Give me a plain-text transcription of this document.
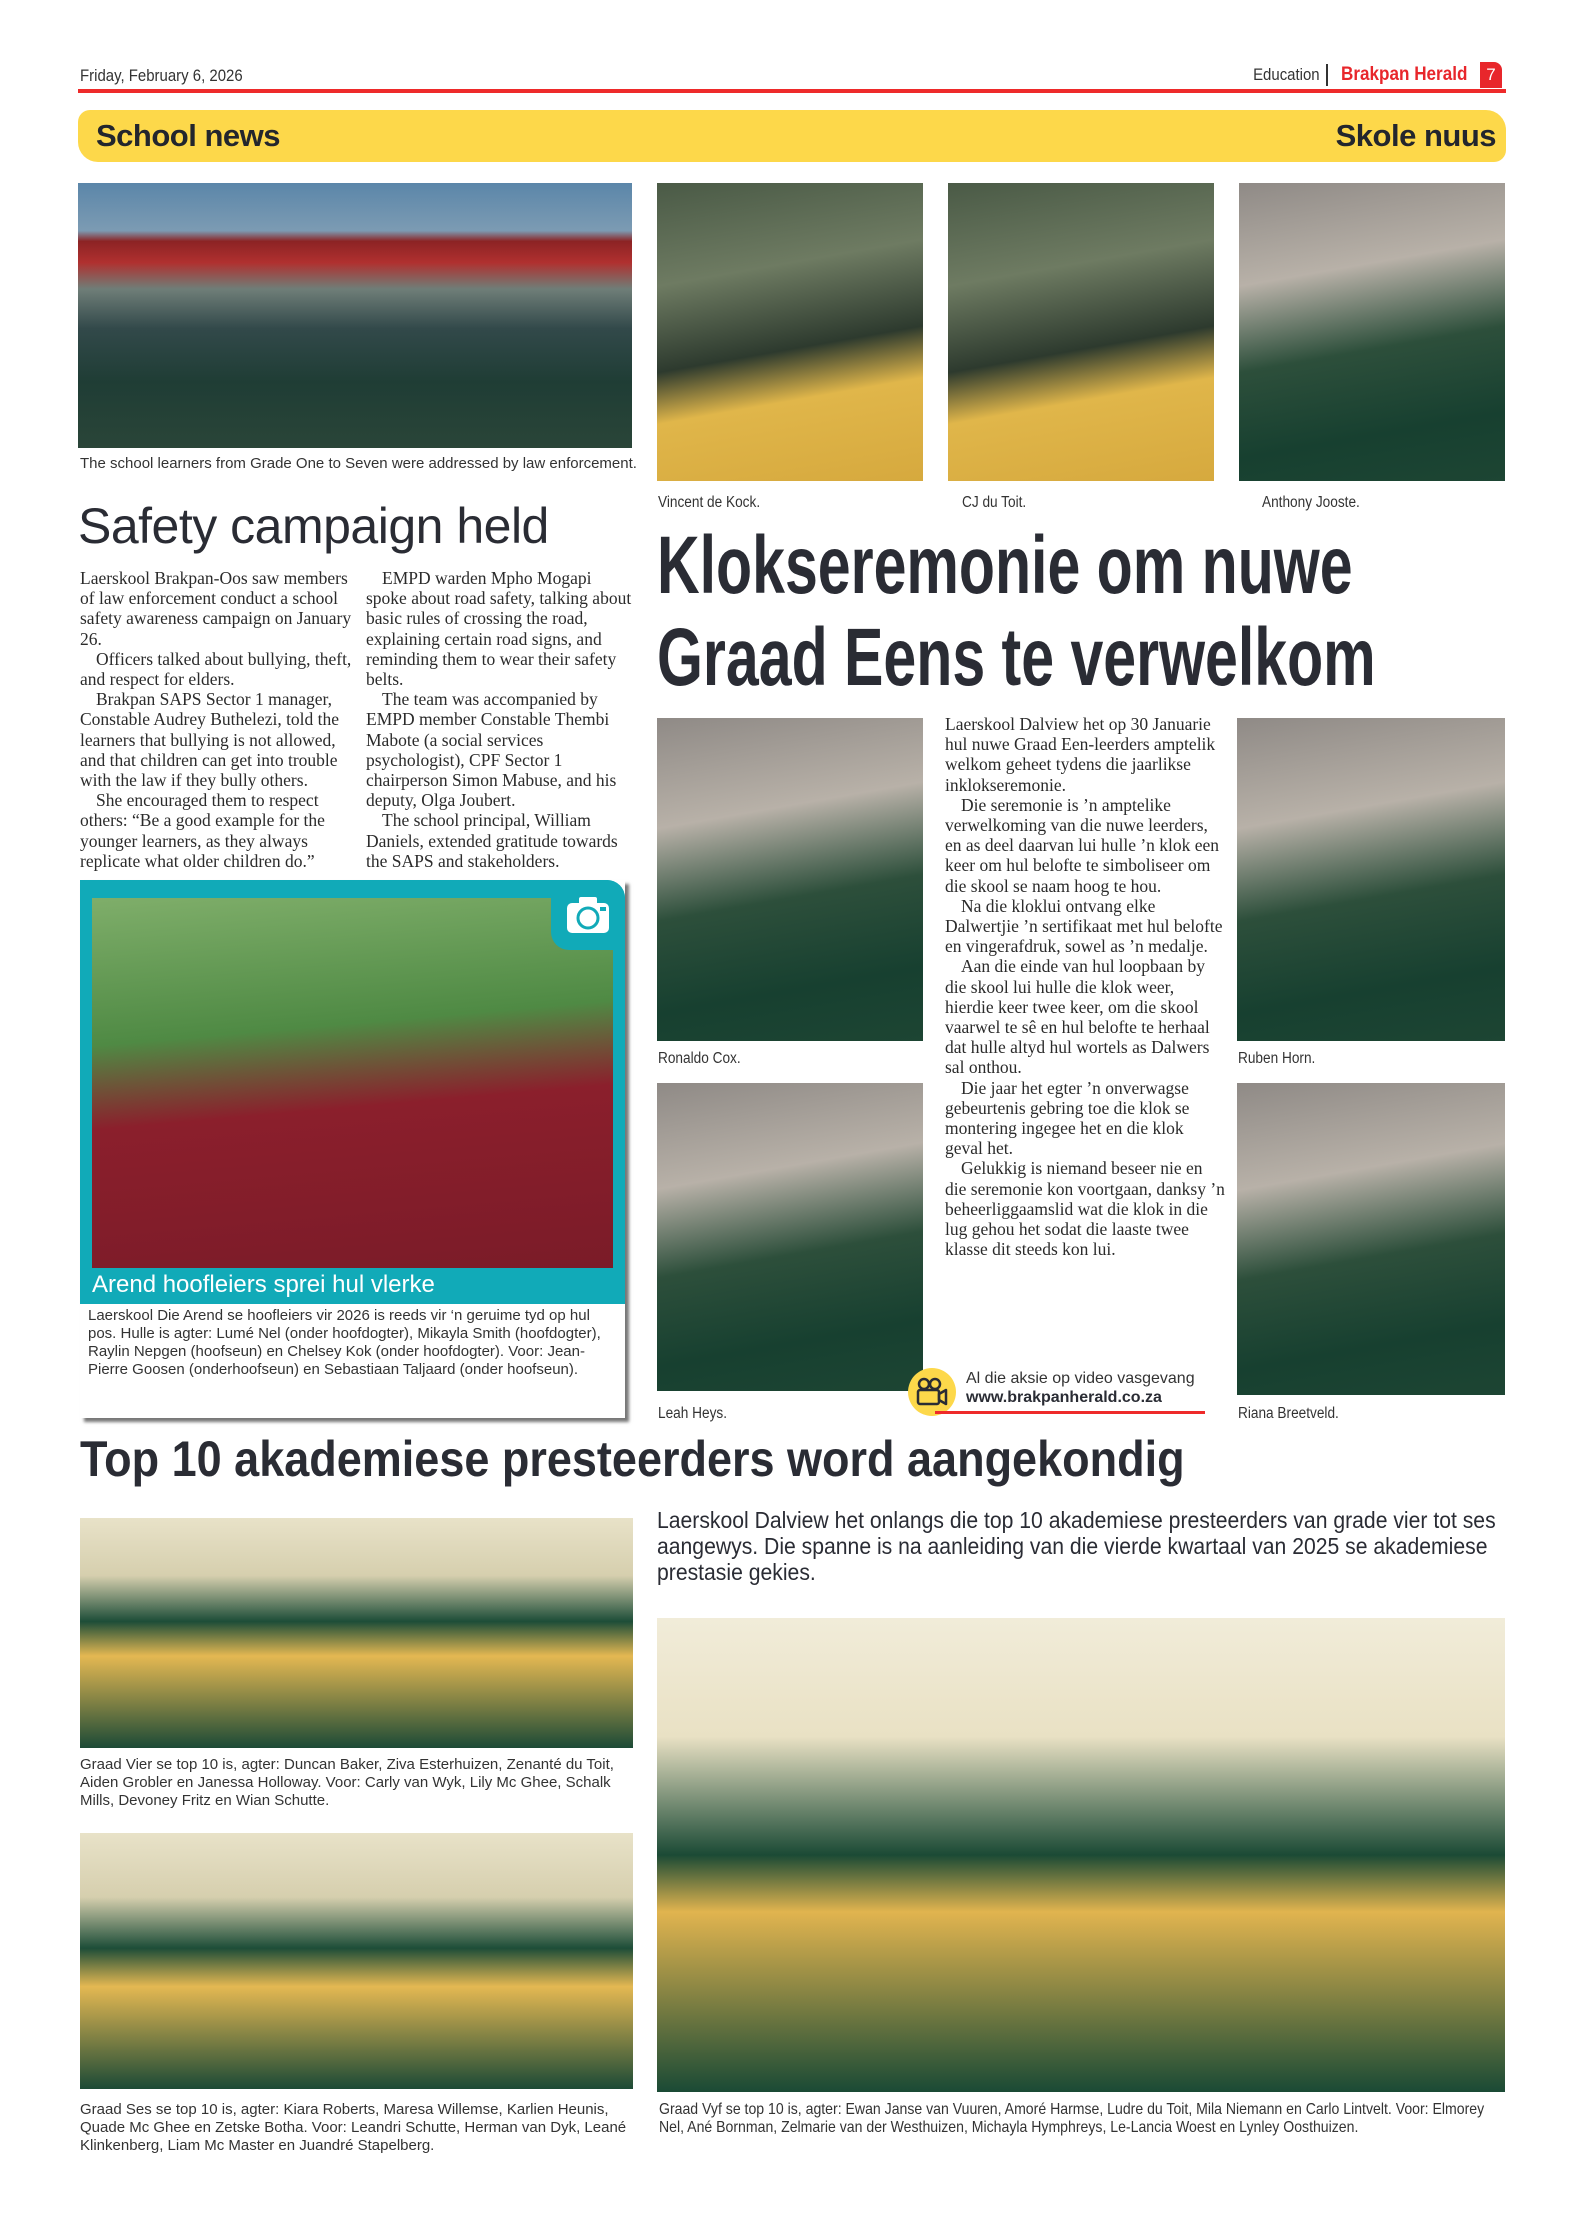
Friday, February 6, 2026	Education Brakpan Herald	7
School news	Skole nuus
The school learners from Grade One to Seven were addressed by law enforcement.
Safety campaign held

Laerskool Brakpan-Oos saw members of law enforcement conduct a school safety awareness campaign on January 26.

Officers talked about bullying, theft, and respect for elders.

Brakpan SAPS Sector 1 manager, Constable Audrey Buthelezi, told the learners that bullying is not allowed, and that children can get into trouble with the law if they bully others.

She encouraged them to respect others: “Be a good example for the younger learners, as they always replicate what older children do.”

EMPD warden Mpho Mogapi spoke about road safety, talking about basic rules of crossing the road, explaining certain road signs, and reminding them to wear their safety belts.

The team was accompanied by EMPD member Constable Thembi Mabote (a social services psychologist), CPF Sector 1 chairperson Simon Mabuse, and his deputy, Olga Joubert.

The school principal, William Daniels, extended gratitude towards the SAPS and stakeholders.

Arend hoofleiers sprei hul vlerke
Laerskool Die Arend se hoofleiers vir 2026 is reeds vir ‘n geruime tyd op hul pos. Hulle is agter: Lumé Nel (onder hoofdogter), Mikayla Smith (hoofdogter), Raylin Nepgen (hoofseun) en Chelsey Kok (onder hoofdogter). Voor: Jean-Pierre Goosen (onderhoofseun) en Sebastiaan Taljaard (onder hoofseun).
Vincent de Kock.	CJ du Toit.	Anthony Jooste.
Klokseremonie om nuwe
Graad Eens te verwelkom
Ronaldo Cox.	Ruben Horn.
Leah Heys.	Riana Breetveld.

Laerskool Dalview het op 30 Januarie hul nuwe Graad Een-leerders amptelik welkom geheet tydens die jaarlikse inklokseremonie.

Die seremonie is ’n amptelike verwelkoming van die nuwe leerders, en as deel daarvan lui hulle ’n klok een keer om hul belofte te simboliseer om die skool se naam hoog te hou.

Na die kloklui ontvang elke Dalwertjie ’n sertifikaat met hul belofte en vingerafdruk, sowel as ’n medalje.

Aan die einde van hul loopbaan by die skool lui hulle die klok weer, hierdie keer twee keer, om die skool vaarwel te sê en hul belofte te herhaal dat hulle altyd hul wortels as Dalwers sal onthou.

Die jaar het egter ’n onverwagse gebeurtenis gebring toe die klok se montering ingegee het en die klok geval het.

Gelukkig is niemand beseer nie en die seremonie kon voortgaan, danksy ’n beheerliggaamslid wat die klok in die lug gehou het sodat die laaste twee klasse dit steeds kon lui.

Al die aksie op video vasgevang
www.brakpanherald.co.za
Top 10 akademiese presteerders word aangekondig
Laerskool Dalview het onlangs die top 10 akademiese presteerders van grade vier tot ses aangewys. Die spanne is na aanleiding van die vierde kwartaal van 2025 se akademiese prestasie gekies.
Graad Vier se top 10 is, agter: Duncan Baker, Ziva Esterhuizen, Zenanté du Toit, Aiden Grobler en Janessa Holloway. Voor: Carly van Wyk, Lily Mc Ghee, Schalk Mills, Devoney Fritz en Wian Schutte.
Graad Ses se top 10 is, agter: Kiara Roberts, Maresa Willemse, Karlien Heunis, Quade Mc Ghee en Zetske Botha. Voor: Leandri Schutte, Herman van Dyk, Leané Klinkenberg, Liam Mc Master en Juandré Stapelberg.
Graad Vyf se top 10 is, agter: Ewan Janse van Vuuren, Amoré Harmse, Ludre du Toit, Mila Niemann en Carlo Lintvelt. Voor: Elmorey Nel, Ané Bornman, Zelmarie van der Westhuizen, Michayla Hymphreys, Le-Lancia Woest en Lynley Oosthuizen.
